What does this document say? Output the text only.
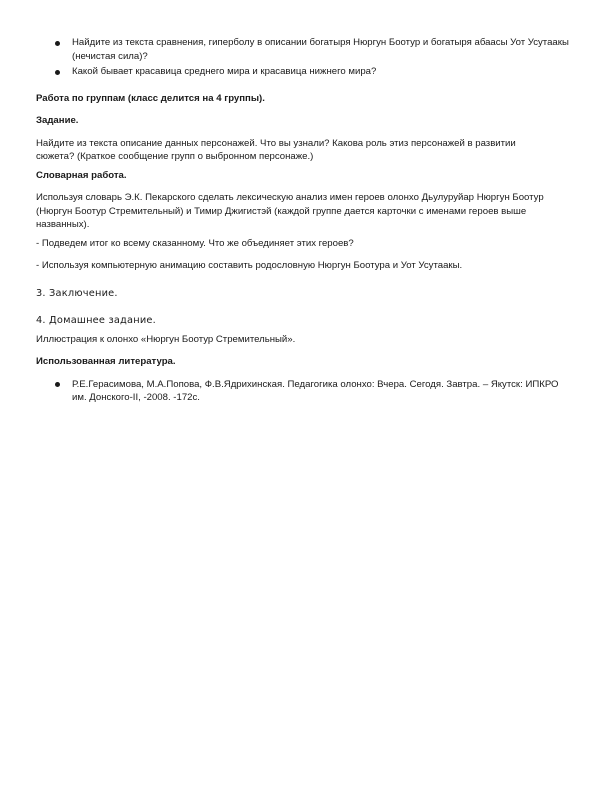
Найдите из текста сравнения, гиперболу в описании богатыря Нюргун Боотур и богатыря абаасы Уот Усутаакы (нечистая сила)?
Какой бывает красавица среднего мира и красавица нижнего мира?

Работа по группам (класс делится на 4 группы).

Задание.

Найдите из текста описание данных персонажей. Что вы узнали? Какова роль этиз персонажей в развитии сюжета? (Краткое сообщение групп о выбронном персонаже.)

Словарная работа.

Используя словарь Э.К. Пекарского сделать лексическую анализ имен героев олонхо Дьулуруйар Нюргун Боотур (Нюргун Боотур Стремительный) и Тимир Джигистэй (каждой группе дается карточки с именами героев выше названных).

- Подведем итог ко всему сказанному. Что же объединяет этих героев?

- Используя компьютерную анимацию составить родословную Нюргун Боотура и Уот Усутаакы.

3. Заключение.

4. Домашнее задание.

Иллюстрация к олонхо «Нюргун Боотур Стремительный».

Использованная литература.

Р.Е.Герасимова, М.А.Попова, Ф.В.Ядрихинская. Педагогика олонхо: Вчера. Сегодя. Завтра. – Якутск: ИПКРО им. Донского-II, -2008. -172с.
